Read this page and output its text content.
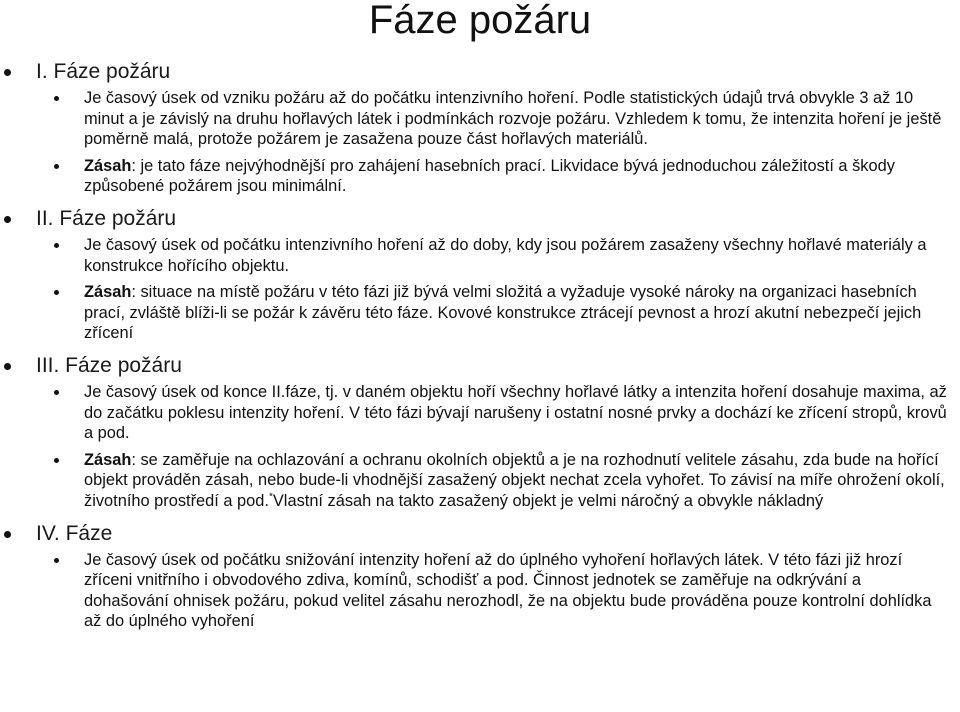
Fáze požáru
I. Fáze požáru
Je časový úsek od vzniku požáru až do počátku intenzivního hoření. Podle statistických údajů trvá obvykle 3 až 10 minut a je závislý na druhu hořlavých látek i podmínkách rozvoje požáru. Vzhledem k tomu, že intenzita hoření je ještě poměrně malá, protože požárem je zasažena pouze část hořlavých materiálů.
Zásah: je tato fáze nejvýhodnější pro zahájení hasebních prací. Likvidace bývá jednoduchou záležitostí a škody způsobené požárem jsou minimální.
II. Fáze požáru
Je časový úsek od počátku intenzivního hoření až do doby, kdy jsou požárem zasaženy všechny hořlavé materiály a konstrukce hořícího objektu.
Zásah: situace na místě požáru v této fázi již bývá velmi složitá a vyžaduje vysoké nároky na organizaci hasebních prací, zvláště blíži-li se požár k závěru této fáze. Kovové konstrukce ztrácejí pevnost a hrozí akutní nebezpečí jejich zřícení
III. Fáze požáru
Je časový úsek od konce II.fáze, tj. v daném objektu hoří všechny hořlavé látky a intenzita hoření dosahuje maxima, až do začátku poklesu intenzity hoření. V této fázi bývají narušeny i ostatní nosné prvky a dochází ke zřícení stropů, krovů a pod.
Zásah: se zaměřuje na ochlazování a ochranu okolních objektů a je na rozhodnutí velitele zásahu, zda bude na hořící objekt prováděn zásah, nebo bude-li vhodnější zasažený objekt nechat zcela vyhořet. To závisí na míře ohrožení okolí, životního prostředí a pod.*Vlastní zásah na takto zasažený objekt je velmi náročný a obvykle nákladný
IV. Fáze
Je časový úsek od počátku snižování intenzity hoření až do úplného vyhoření hořlavých látek. V této fázi již hrozí zříceni vnitřního i obvodového zdiva, komínů, schodišť a pod. Činnost jednotek se zaměřuje na odkrývání a dohašování ohnisek požáru, pokud velitel zásahu nerozhodl, že na objektu bude prováděna pouze kontrolní dohlídka až do úplného vyhoření
